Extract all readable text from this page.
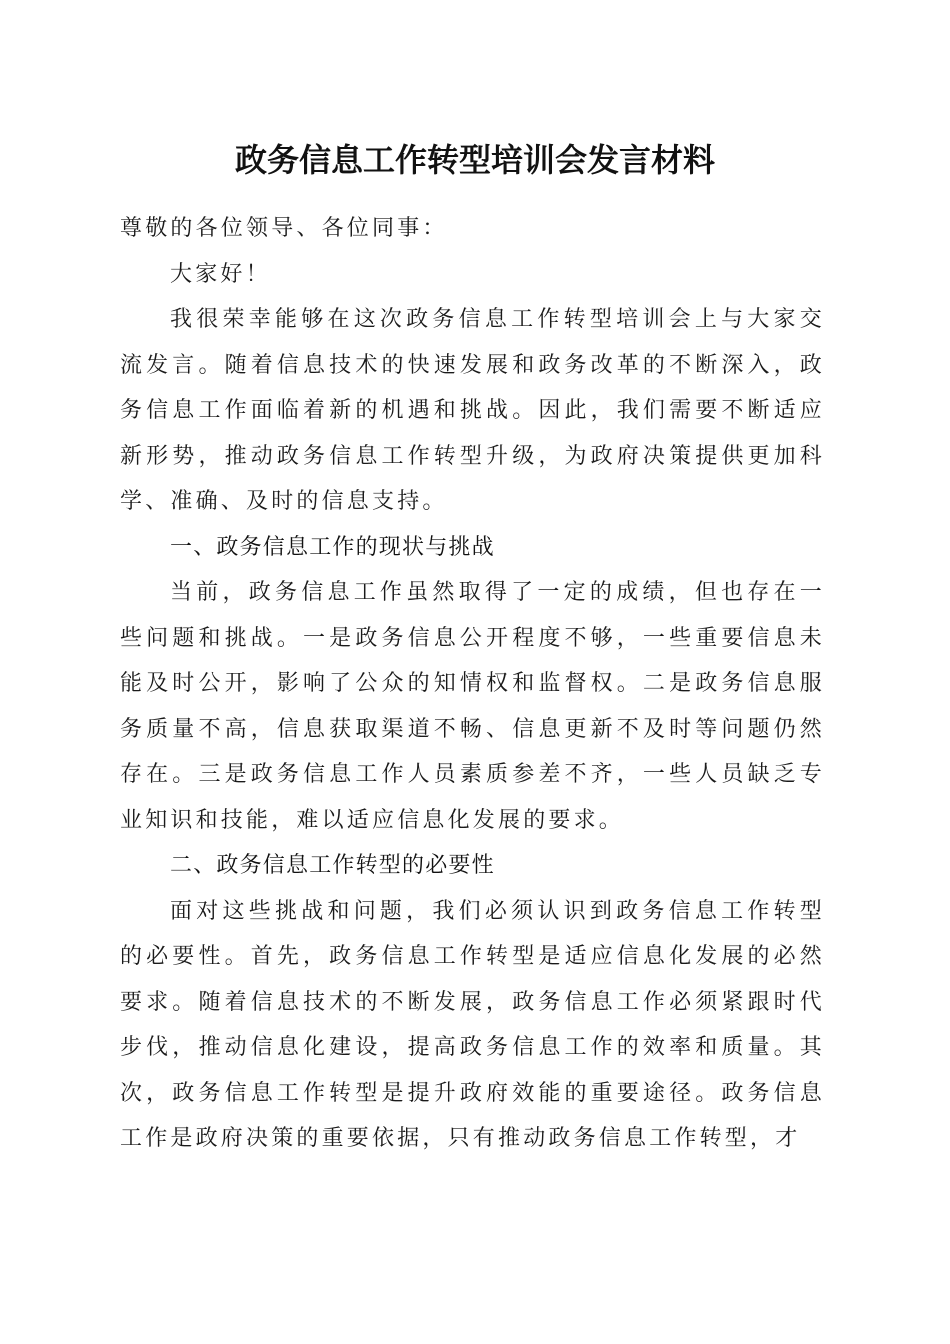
政务信息工作转型培训会发言材料

尊敬的各位领导、各位同事：

大家好！

我很荣幸能够在这次政务信息工作转型培训会上与大家交流发言。随着信息技术的快速发展和政务改革的不断深入，政务信息工作面临着新的机遇和挑战。因此，我们需要不断适应新形势，推动政务信息工作转型升级，为政府决策提供更加科学、准确、及时的信息支持。

一、政务信息工作的现状与挑战

当前，政务信息工作虽然取得了一定的成绩，但也存在一些问题和挑战。一是政务信息公开程度不够，一些重要信息未能及时公开，影响了公众的知情权和监督权。二是政务信息服务质量不高，信息获取渠道不畅、信息更新不及时等问题仍然存在。三是政务信息工作人员素质参差不齐，一些人员缺乏专业知识和技能，难以适应信息化发展的要求。

二、政务信息工作转型的必要性

面对这些挑战和问题，我们必须认识到政务信息工作转型的必要性。首先，政务信息工作转型是适应信息化发展的必然要求。随着信息技术的不断发展，政务信息工作必须紧跟时代步伐，推动信息化建设，提高政务信息工作的效率和质量。其次，政务信息工作转型是提升政府效能的重要途径。政务信息工作是政府决策的重要依据，只有推动政务信息工作转型，才
